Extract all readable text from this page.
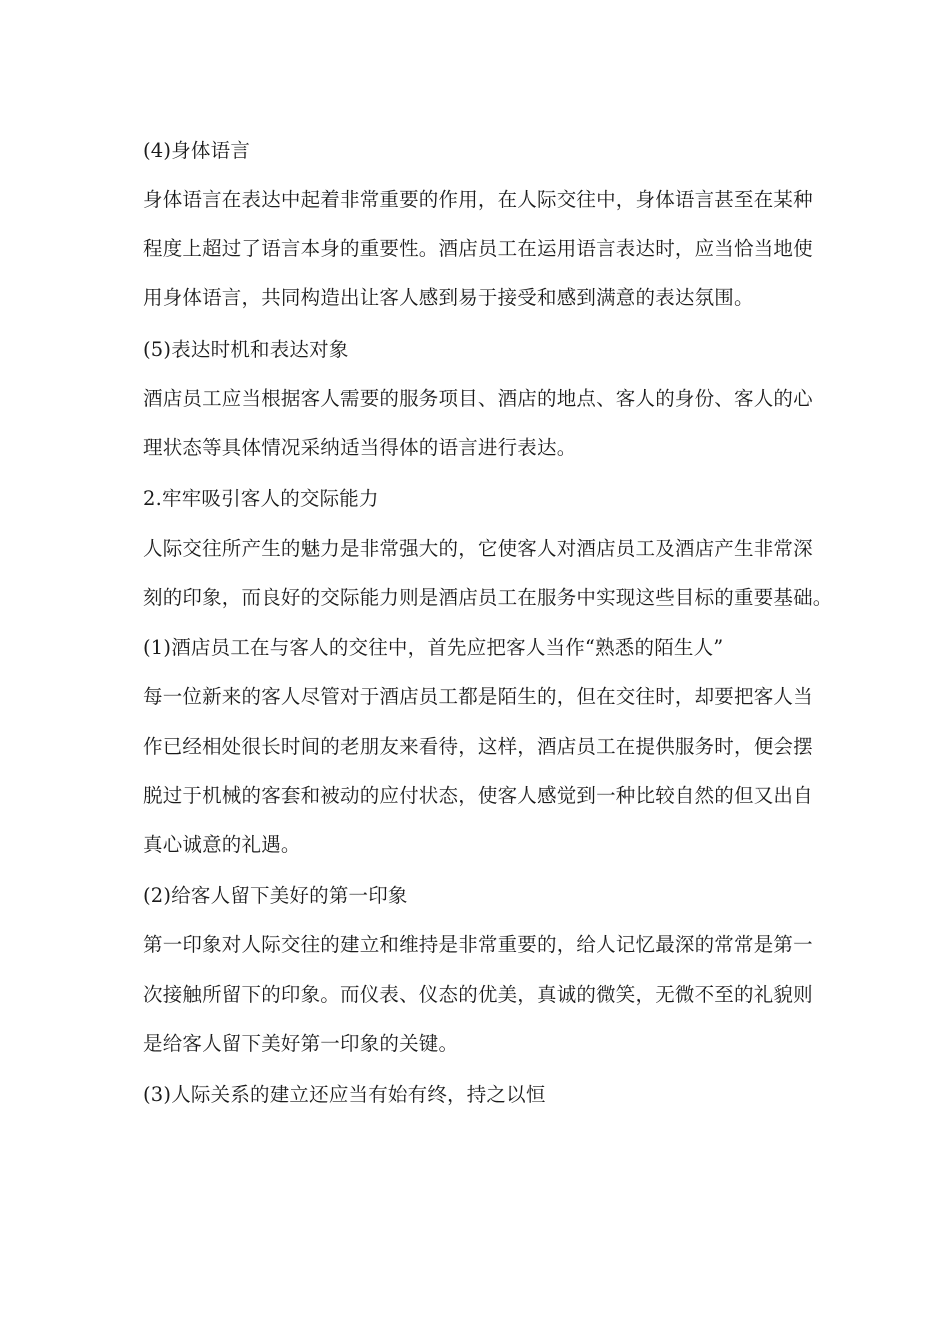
(4)身体语言
身体语言在表达中起着非常重要的作用，在人际交往中，身体语言甚至在某种
程度上超过了语言本身的重要性。酒店员工在运用语言表达时，应当恰当地使
用身体语言，共同构造出让客人感到易于接受和感到满意的表达氛围。
(5)表达时机和表达对象
酒店员工应当根据客人需要的服务项目、酒店的地点、客人的身份、客人的心
理状态等具体情况采纳适当得体的语言进行表达。
2.牢牢吸引客人的交际能力
人际交往所产生的魅力是非常强大的，它使客人对酒店员工及酒店产生非常深
刻的印象，而良好的交际能力则是酒店员工在服务中实现这些目标的重要基础。
(1)酒店员工在与客人的交往中，首先应把客人当作“熟悉的陌生人”
每一位新来的客人尽管对于酒店员工都是陌生的，但在交往时，却要把客人当
作已经相处很长时间的老朋友来看待，这样，酒店员工在提供服务时，便会摆
脱过于机械的客套和被动的应付状态，使客人感觉到一种比较自然的但又出自
真心诚意的礼遇。
(2)给客人留下美好的第一印象
第一印象对人际交往的建立和维持是非常重要的，给人记忆最深的常常是第一
次接触所留下的印象。而仪表、仪态的优美，真诚的微笑，无微不至的礼貌则
是给客人留下美好第一印象的关键。
(3)人际关系的建立还应当有始有终，持之以恒
